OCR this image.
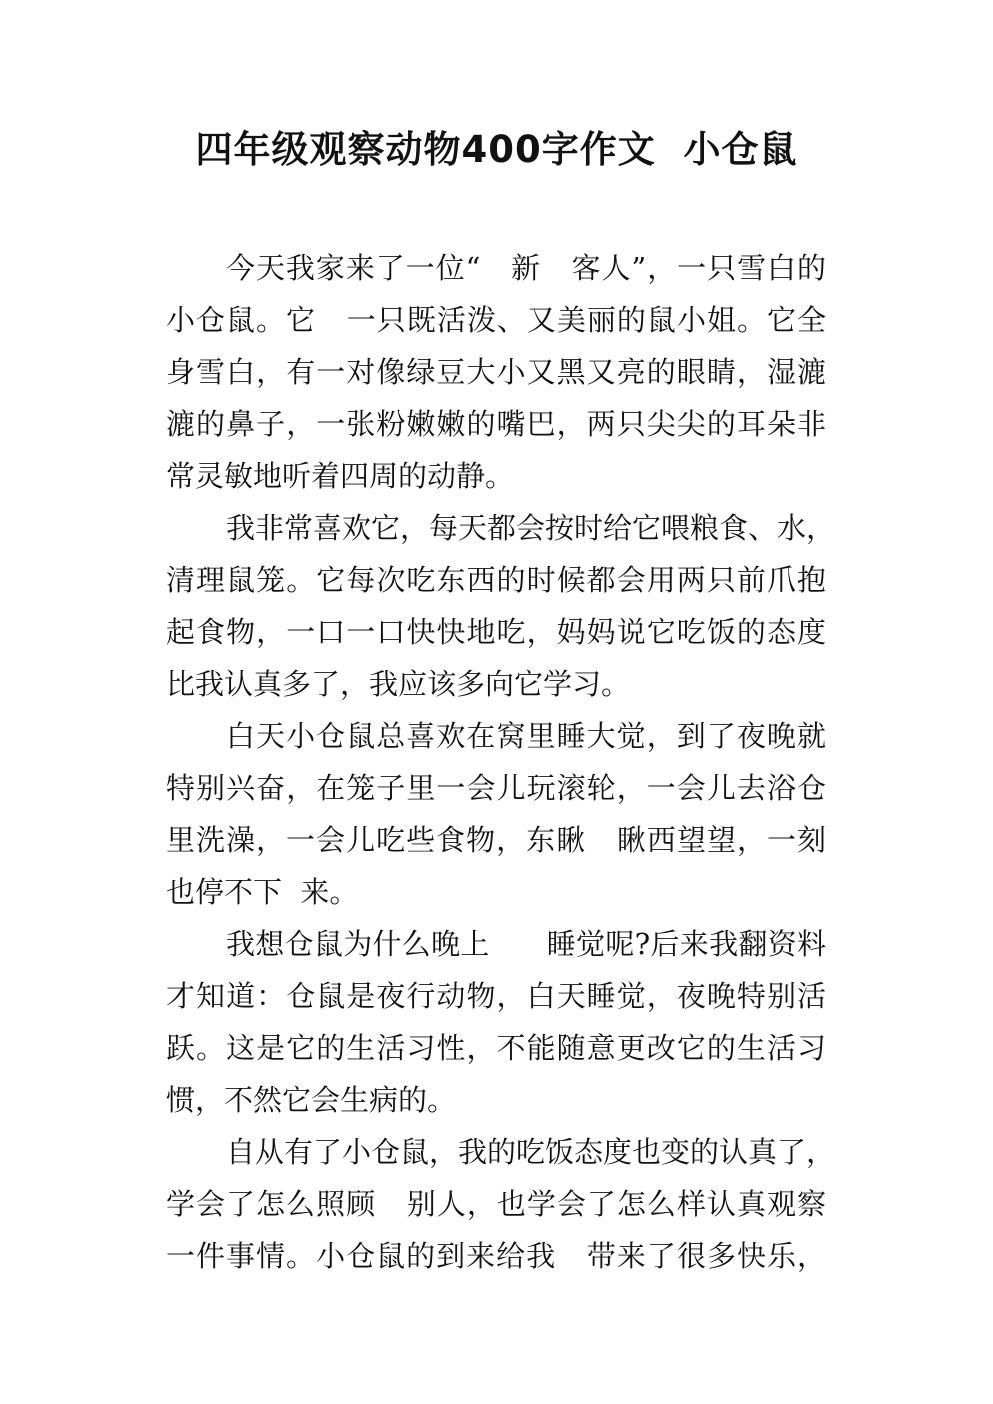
四年级观察动物400字作文  小仓鼠
今天我家来了一位“   新   客人”，一只雪白的
小仓鼠。它   一只既活泼、又美丽的鼠小姐。它全
身雪白，有一对像绿豆大小又黑又亮的眼睛，湿漉
漉的鼻子，一张粉嫩嫩的嘴巴，两只尖尖的耳朵非
常灵敏地听着四周的动静。
我非常喜欢它，每天都会按时给它喂粮食、水，
清理鼠笼。它每次吃东西的时候都会用两只前爪抱
起食物，一口一口快快地吃，妈妈说它吃饭的态度
比我认真多了，我应该多向它学习。
白天小仓鼠总喜欢在窝里睡大觉，到了夜晚就
特别兴奋，在笼子里一会儿玩滚轮，一会儿去浴仓
里洗澡，一会儿吃些食物，东瞅   瞅西望望，一刻
也停不下  来。
我想仓鼠为什么晚上      睡觉呢?后来我翻资料
才知道：仓鼠是夜行动物，白天睡觉，夜晚特别活
跃。这是它的生活习性，不能随意更改它的生活习
惯，不然它会生病的。
自从有了小仓鼠，我的吃饭态度也变的认真了，
学会了怎么照顾   别人，也学会了怎么样认真观察
一件事情。小仓鼠的到来给我   带来了很多快乐，
